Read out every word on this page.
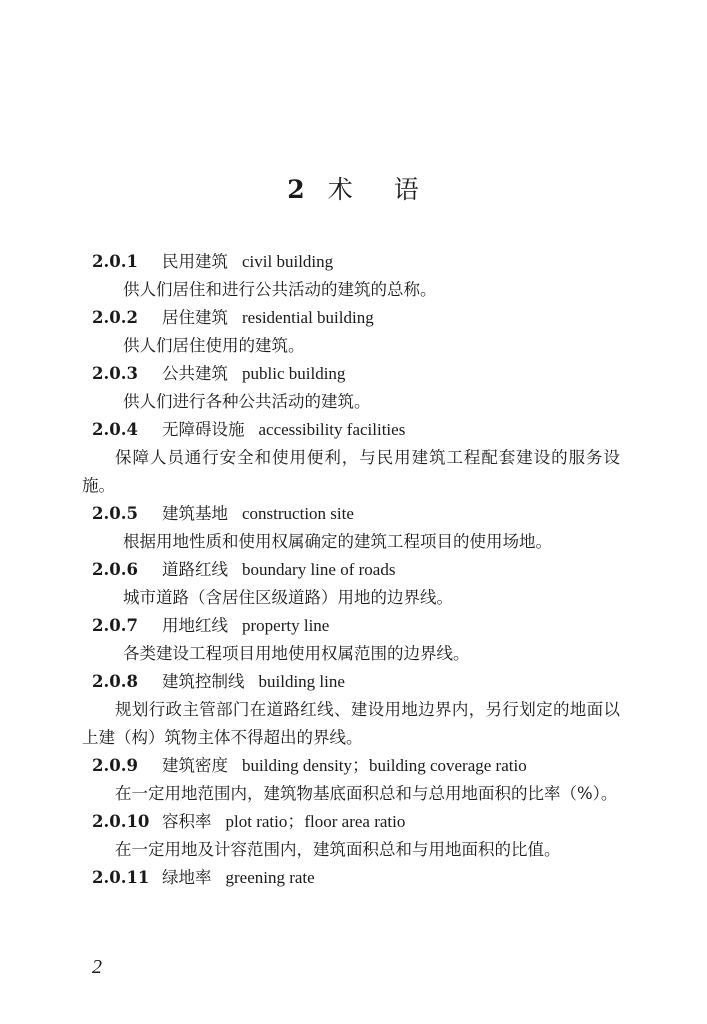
2 术 语
2.0.1 民用建筑 civil building
供人们居住和进行公共活动的建筑的总称。
2.0.2 居住建筑 residential building
供人们居住使用的建筑。
2.0.3 公共建筑 public building
供人们进行各种公共活动的建筑。
2.0.4 无障碍设施 accessibility facilities
保障人员通行安全和使用便利，与民用建筑工程配套建设的服务设施。
2.0.5 建筑基地 construction site
根据用地性质和使用权属确定的建筑工程项目的使用场地。
2.0.6 道路红线 boundary line of roads
城市道路（含居住区级道路）用地的边界线。
2.0.7 用地红线 property line
各类建设工程项目用地使用权属范围的边界线。
2.0.8 建筑控制线 building line
规划行政主管部门在道路红线、建设用地边界内，另行划定的地面以上建（构）筑物主体不得超出的界线。
2.0.9 建筑密度 building density；building coverage ratio
在一定用地范围内，建筑物基底面积总和与总用地面积的比率（%）。
2.0.10 容积率 plot ratio；floor area ratio
在一定用地及计容范围内，建筑面积总和与用地面积的比值。
2.0.11 绿地率 greening rate
2
